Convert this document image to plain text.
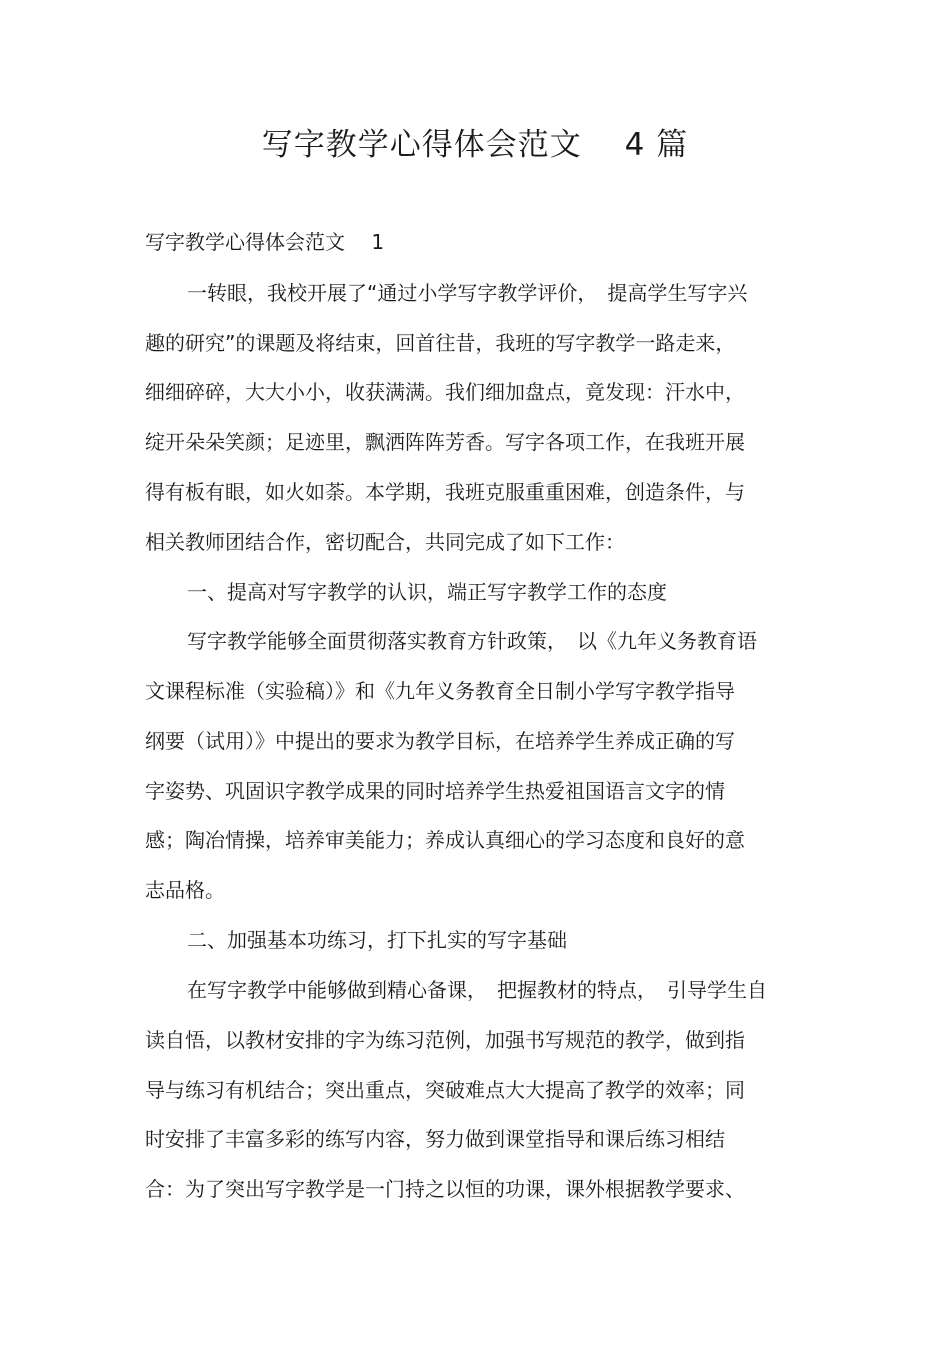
写字教学心得体会范文 　4 篇
写字教学心得体会范文 　1
一转眼，我校开展了“通过小学写字教学评价，　提高学生写字兴
趣的研究”的课题及将结束，回首往昔，我班的写字教学一路走来，
细细碎碎，大大小小，收获满满。我们细加盘点，竟发现：汗水中，
绽开朵朵笑颜；足迹里，飘洒阵阵芳香。写字各项工作，在我班开展
得有板有眼，如火如荼。本学期，我班克服重重困难，创造条件，与
相关教师团结合作，密切配合，共同完成了如下工作：
一、提高对写字教学的认识，端正写字教学工作的态度
写字教学能够全面贯彻落实教育方针政策，　以《九年义务教育语
文课程标准（实验稿）》和《九年义务教育全日制小学写字教学指导
纲要（试用）》中提出的要求为教学目标，在培养学生养成正确的写
字姿势、巩固识字教学成果的同时培养学生热爱祖国语言文字的情
感；陶冶情操，培养审美能力；养成认真细心的学习态度和良好的意
志品格。
二、加强基本功练习，打下扎实的写字基础
在写字教学中能够做到精心备课，　把握教材的特点，　引导学生自
读自悟，以教材安排的字为练习范例，加强书写规范的教学，做到指
导与练习有机结合；突出重点，突破难点大大提高了教学的效率；同
时安排了丰富多彩的练写内容，努力做到课堂指导和课后练习相结
合：为了突出写字教学是一门持之以恒的功课，课外根据教学要求、
